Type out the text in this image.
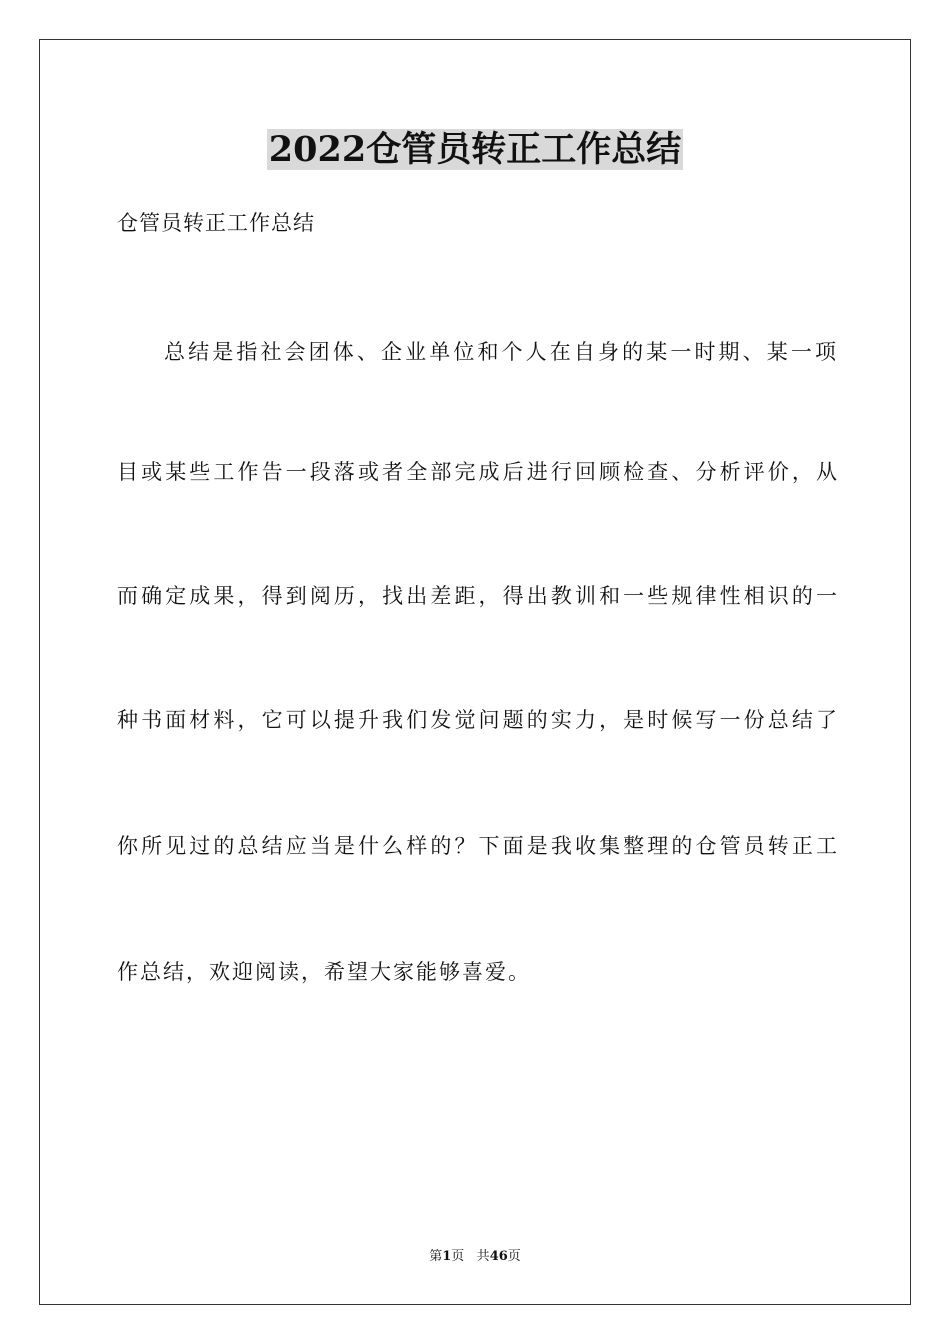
2022仓管员转正工作总结
仓管员转正工作总结
总结是指社会团体、企业单位和个人在自身的某一时期、某一项
目或某些工作告一段落或者全部完成后进行回顾检查、分析评价，从
而确定成果，得到阅历，找出差距，得出教训和一些规律性相识的一
种书面材料，它可以提升我们发觉问题的实力，是时候写一份总结了
你所见过的总结应当是什么样的？下面是我收集整理的仓管员转正工
作总结，欢迎阅读，希望大家能够喜爱。
第1页 共46页
